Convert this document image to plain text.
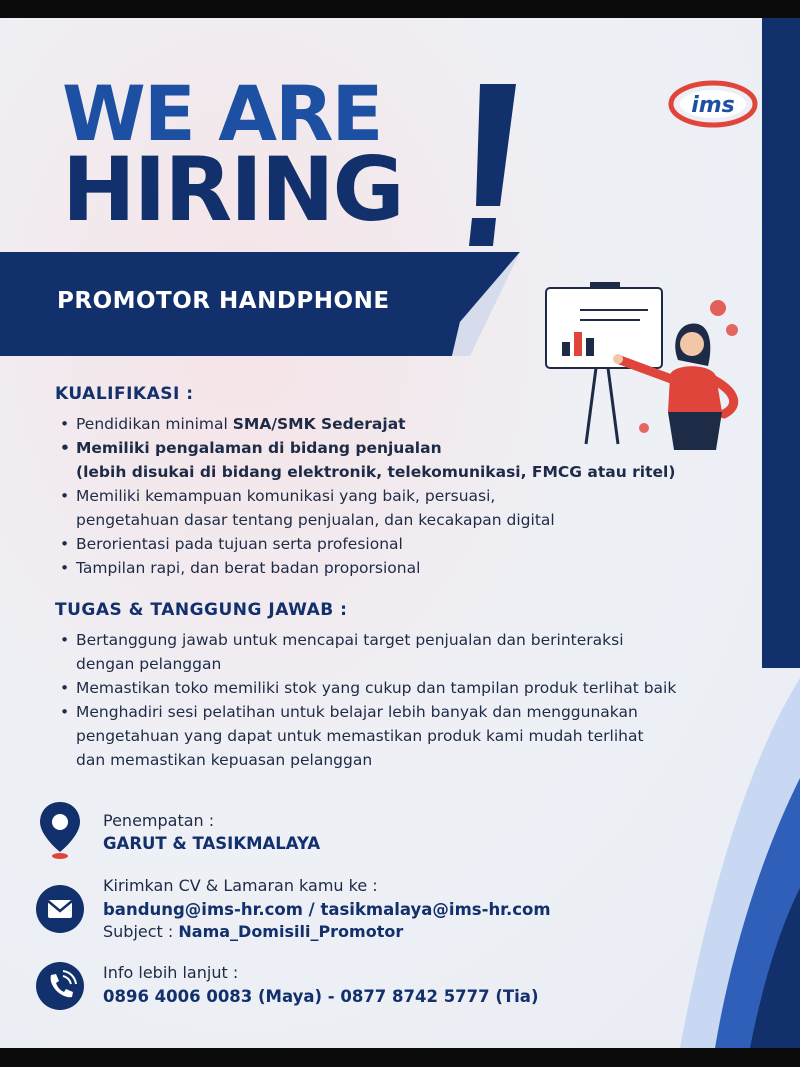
WE ARE
HIRING
ims
PROMOTOR HANDPHONE
KUALIFIKASI :
• Pendidikan minimal SMA/SMK Sederajat
• Memiliki pengalaman di bidang penjualan
(lebih disukai di bidang elektronik, telekomunikasi, FMCG atau ritel)
• Memiliki kemampuan komunikasi yang baik, persuasi,
pengetahuan dasar tentang penjualan, dan kecakapan digital
• Berorientasi pada tujuan serta profesional
• Tampilan rapi, dan berat badan proporsional
TUGAS & TANGGUNG JAWAB :
• Bertanggung jawab untuk mencapai target penjualan dan berinteraksi
dengan pelanggan
• Memastikan toko memiliki stok yang cukup dan tampilan produk terlihat baik
• Menghadiri sesi pelatihan untuk belajar lebih banyak dan menggunakan
pengetahuan yang dapat untuk memastikan produk kami mudah terlihat
dan memastikan kepuasan pelanggan
Penempatan :
GARUT & TASIKMALAYA
Kirimkan CV & Lamaran kamu ke :
bandung@ims-hr.com / tasikmalaya@ims-hr.com
Subject : Nama_Domisili_Promotor
Info lebih lanjut :
0896 4006 0083 (Maya) - 0877 8742 5777 (Tia)
